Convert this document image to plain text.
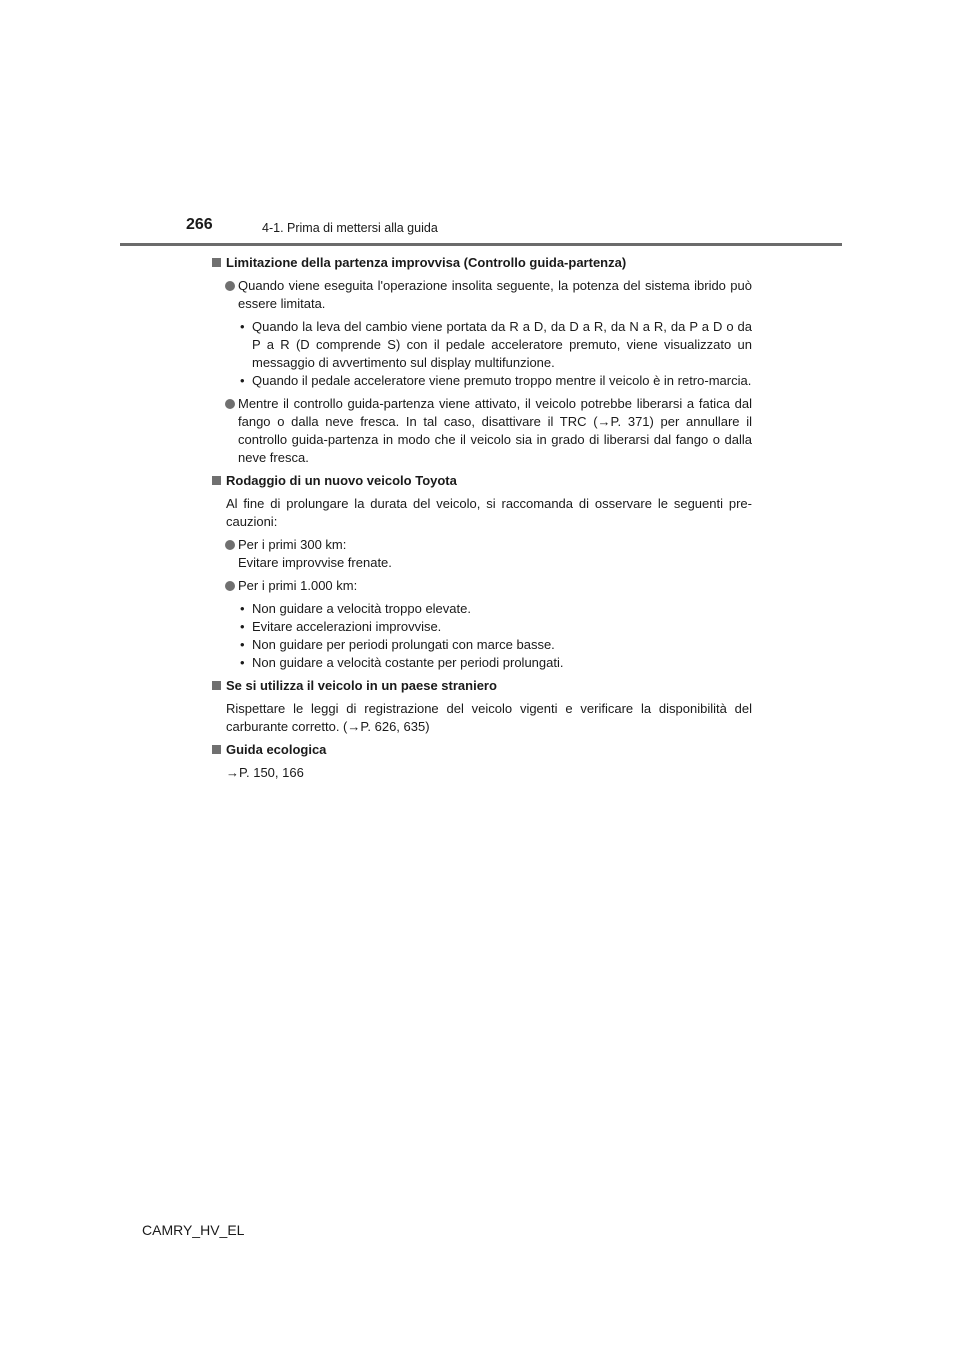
266	4-1. Prima di mettersi alla guida
Limitazione della partenza improvvisa (Controllo guida-partenza)
Quando viene eseguita l'operazione insolita seguente, la potenza del sistema ibrido può essere limitata.
• Quando la leva del cambio viene portata da R a D, da D a R, da N a R, da P a D o da P a R (D comprende S) con il pedale acceleratore premuto, viene visualizzato un messaggio di avvertimento sul display multifunzione.
• Quando il pedale acceleratore viene premuto troppo mentre il veicolo è in retro-marcia.
Mentre il controllo guida-partenza viene attivato, il veicolo potrebbe liberarsi a fatica dal fango o dalla neve fresca. In tal caso, disattivare il TRC (→P. 371) per annullare il controllo guida-partenza in modo che il veicolo sia in grado di liberarsi dal fango o dalla neve fresca.
Rodaggio di un nuovo veicolo Toyota
Al fine di prolungare la durata del veicolo, si raccomanda di osservare le seguenti pre-cauzioni:
Per i primi 300 km:
Evitare improvvise frenate.
Per i primi 1.000 km:
• Non guidare a velocità troppo elevate.
• Evitare accelerazioni improvvise.
• Non guidare per periodi prolungati con marce basse.
• Non guidare a velocità costante per periodi prolungati.
Se si utilizza il veicolo in un paese straniero
Rispettare le leggi di registrazione del veicolo vigenti e verificare la disponibilità del carburante corretto. (→P. 626, 635)
Guida ecologica
→P. 150, 166
CAMRY_HV_EL
